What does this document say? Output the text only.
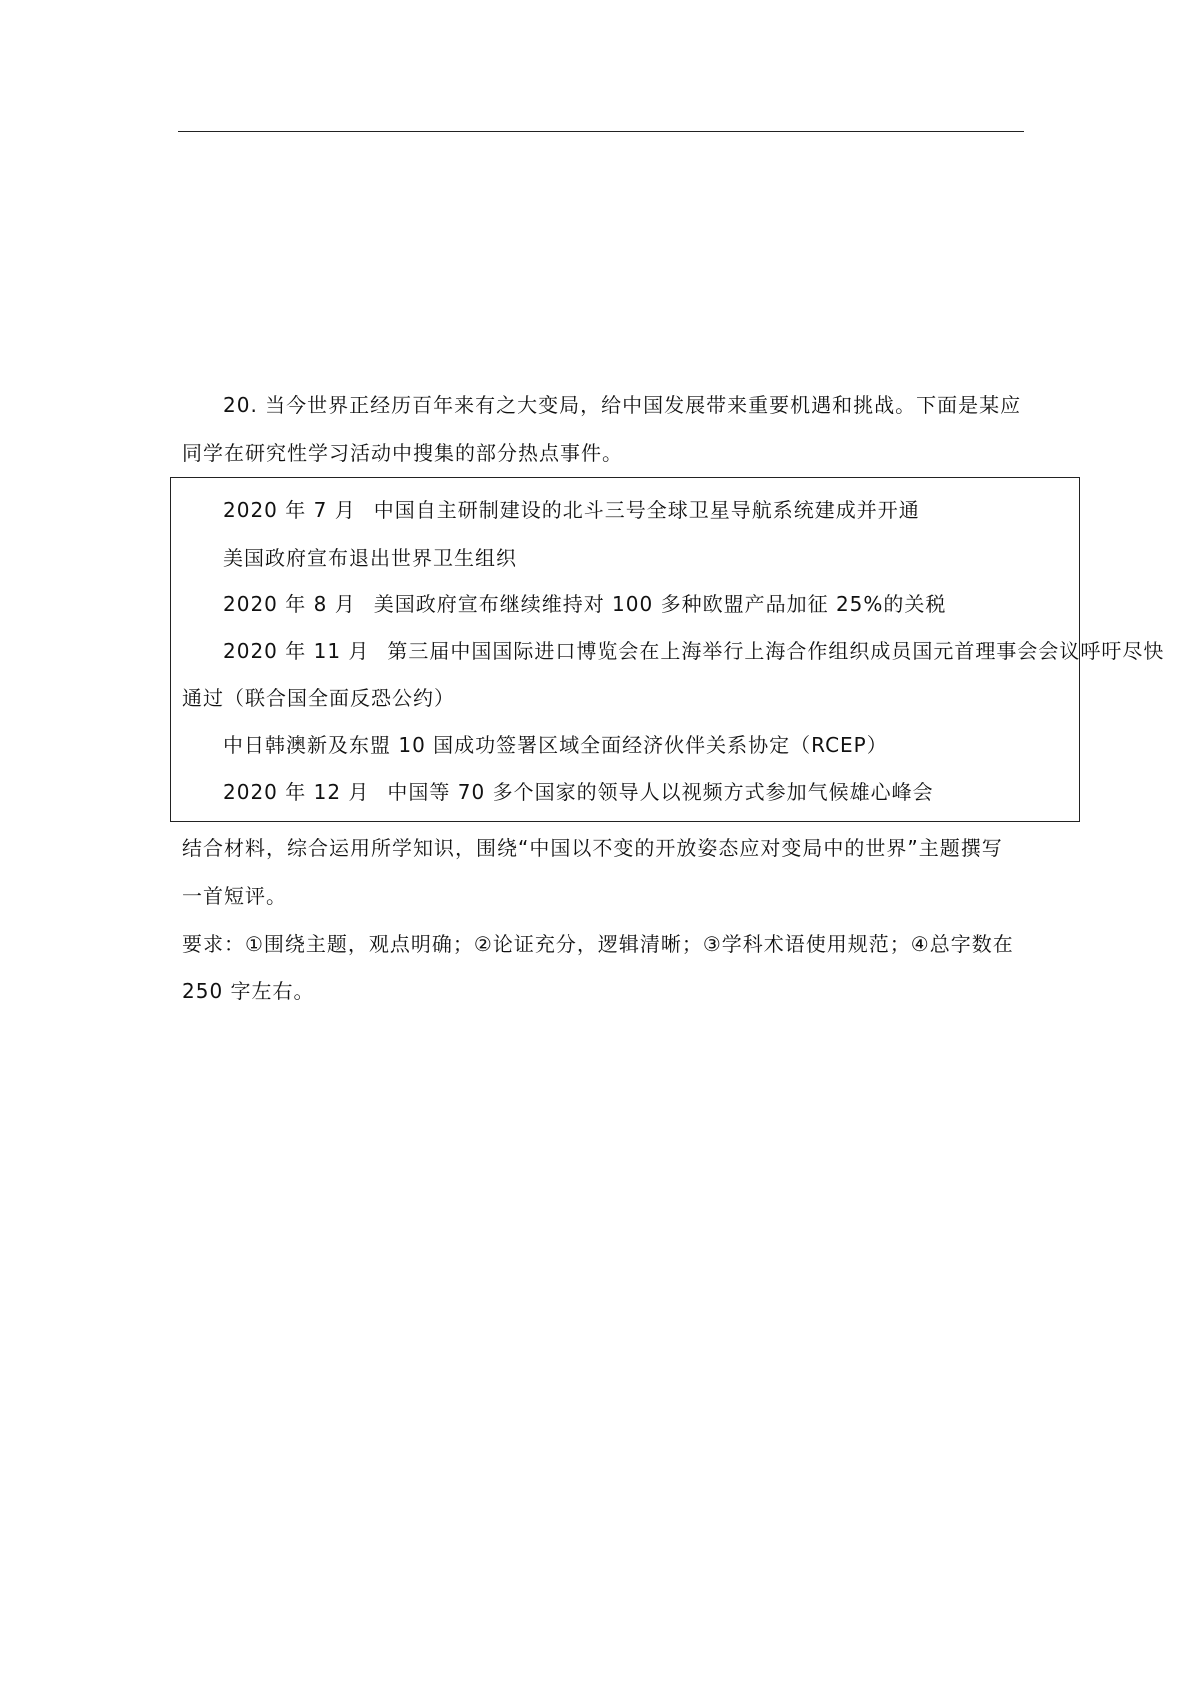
20. 当今世界正经历百年来有之大变局，给中国发展带来重要机遇和挑战。下面是某应
同学在研究性学习活动中搜集的部分热点事件。
2020 年 7 月 中国自主研制建设的北斗三号全球卫星导航系统建成并开通
美国政府宣布退出世界卫生组织
2020 年 8 月 美国政府宣布继续维持对 100 多种欧盟产品加征 25%的关税
2020 年 11 月 第三届中国国际进口博览会在上海举行上海合作组织成员国元首理事会会议呼吁尽快
通过（联合国全面反恐公约）
中日韩澳新及东盟 10 国成功签署区域全面经济伙伴关系协定（RCEP）
2020 年 12 月 中国等 70 多个国家的领导人以视频方式参加气候雄心峰会
结合材料，综合运用所学知识，围绕“中国以不变的开放姿态应对变局中的世界”主题撰写
一首短评。
要求：①围绕主题，观点明确；②论证充分，逻辑清晰；③学科术语使用规范；④总字数在
250 字左右。
